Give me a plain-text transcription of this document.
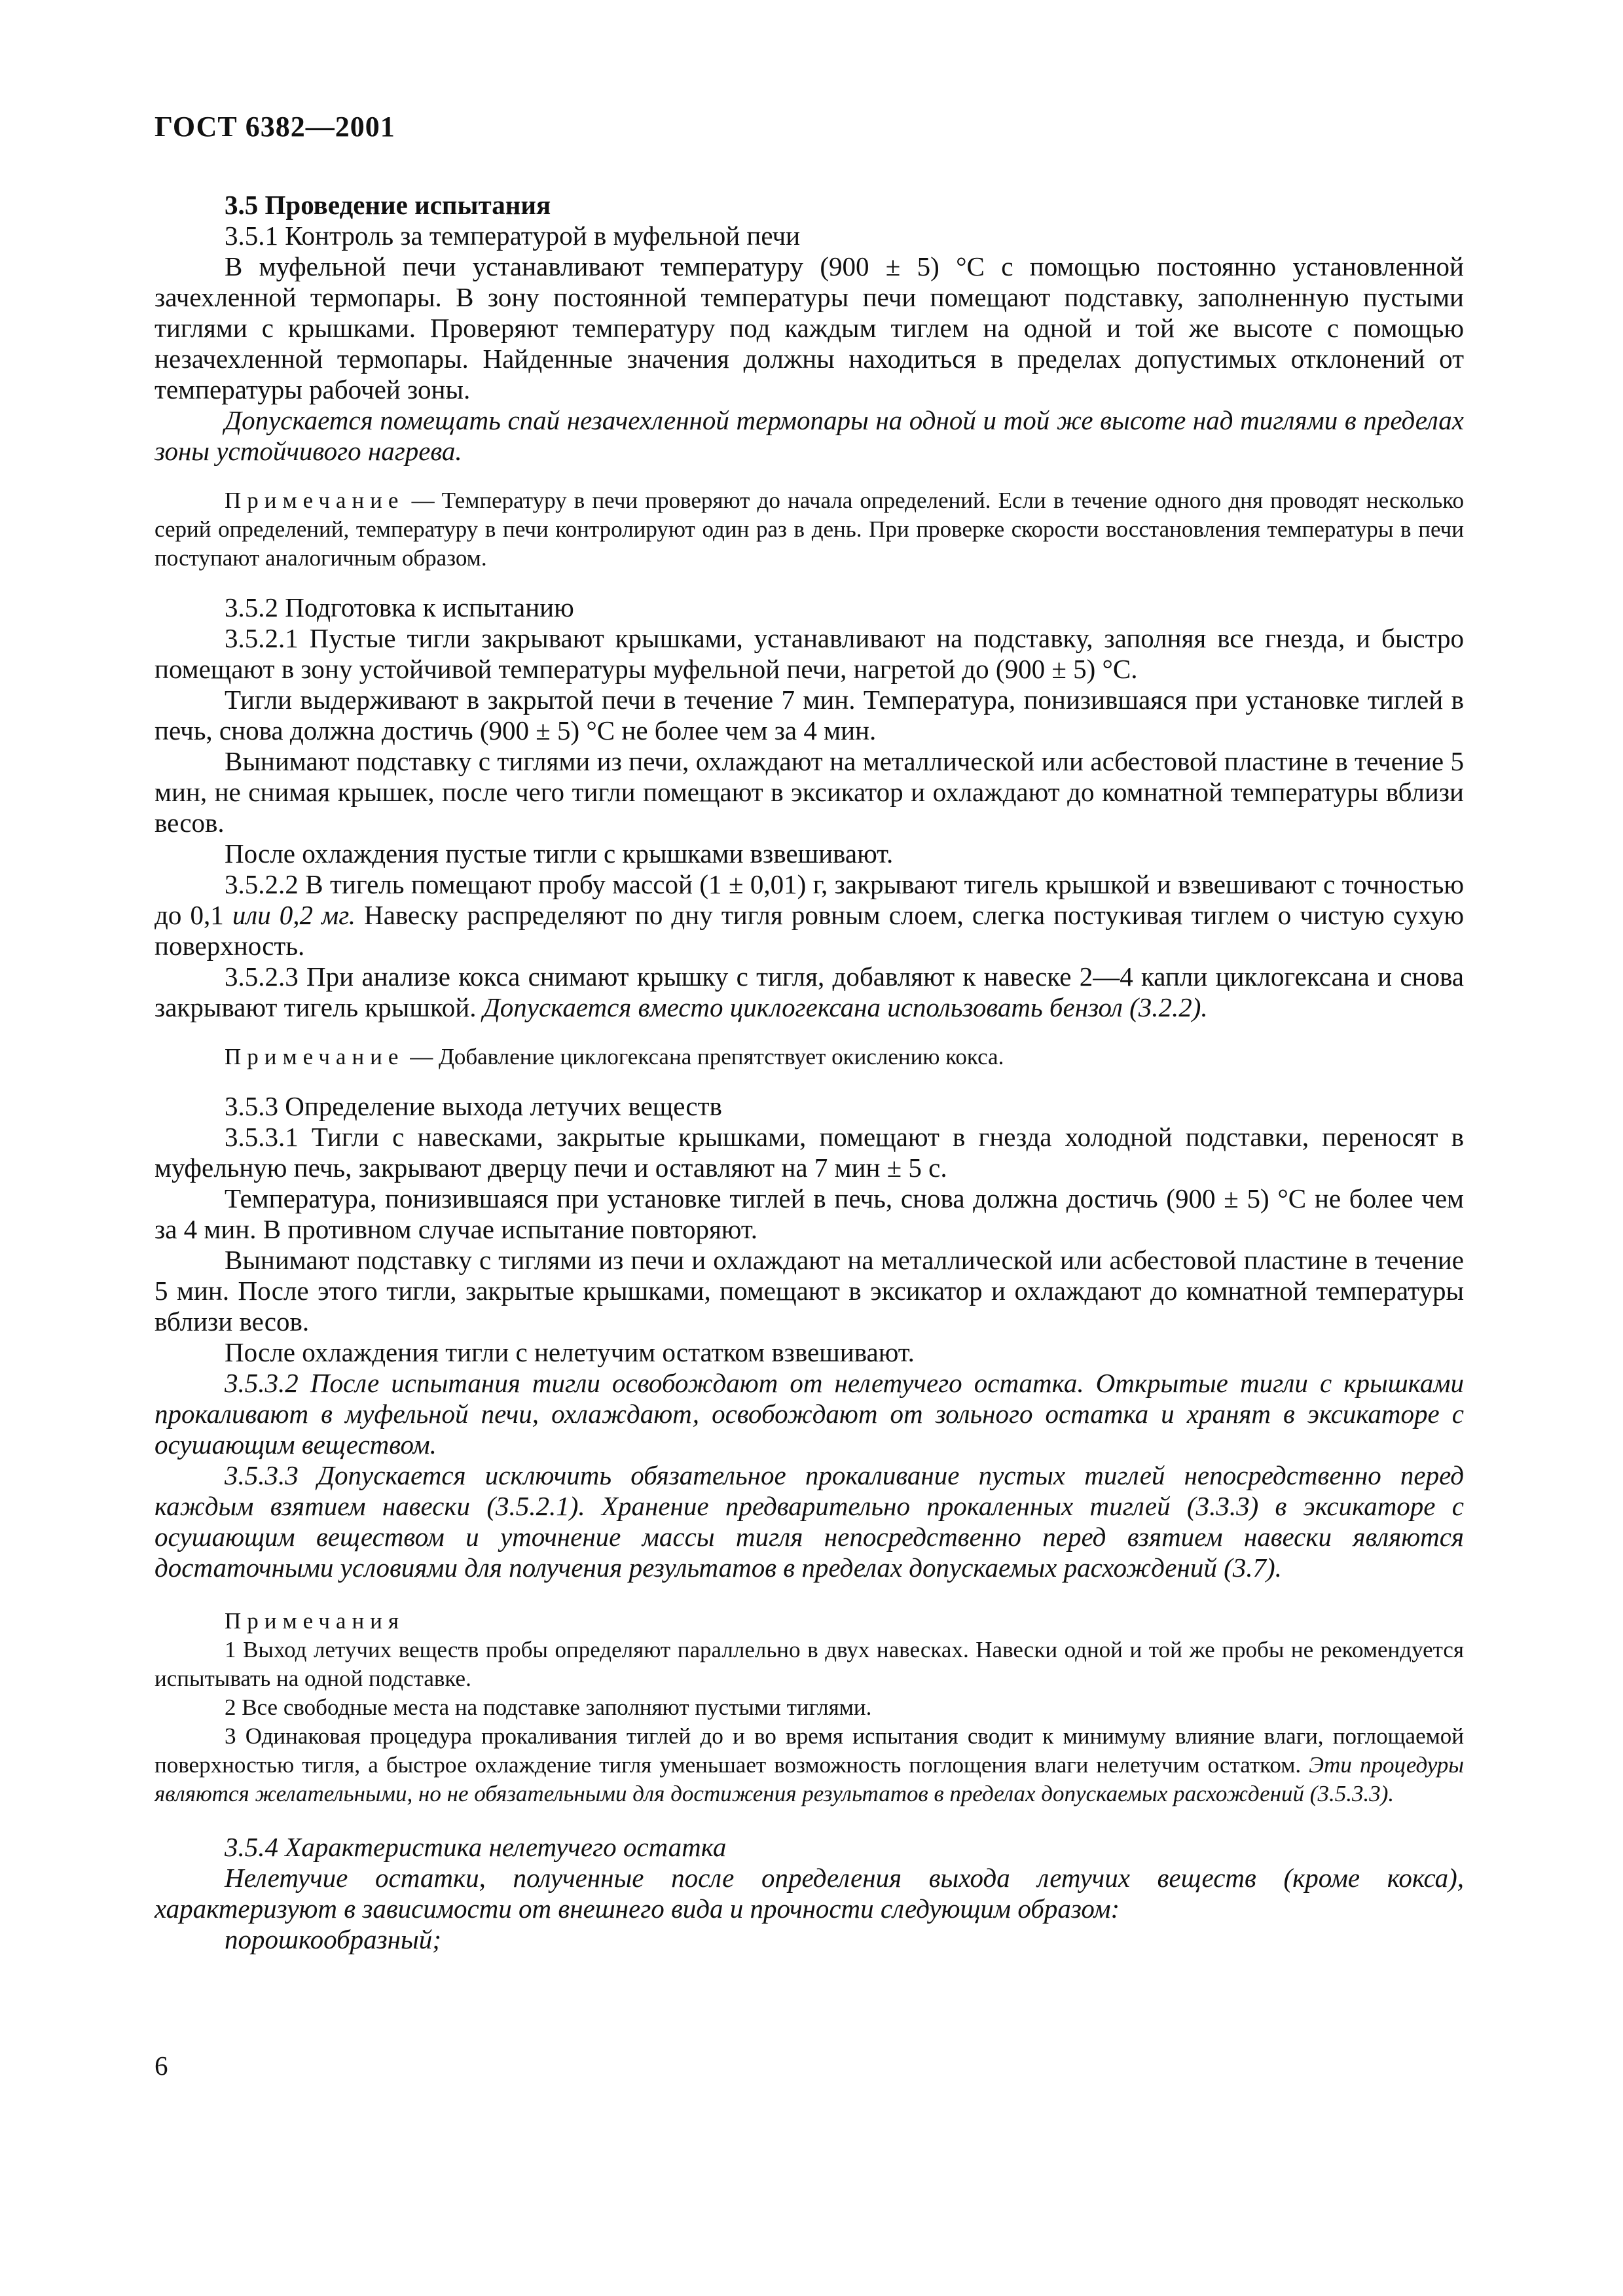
ГОСТ 6382—2001

3.5 Проведение испытания

3.5.1 Контроль за температурой в муфельной печи

В муфельной печи устанавливают температуру (900 ± 5) °С с помощью постоянно установленной зачехленной термопары. В зону постоянной температуры печи помещают подставку, заполненную пустыми тиглями с крышками. Проверяют температуру под каждым тиглем на одной и той же высоте с помощью незачехленной термопары. Найденные значения должны находиться в пределах допустимых отклонений от температуры рабочей зоны.

Допускается помещать спай незачехленной термопары на одной и той же высоте над тиглями в пределах зоны устойчивого нагрева.

Примечание — Температуру в печи проверяют до начала определений. Если в течение одного дня проводят несколько серий определений, температуру в печи контролируют один раз в день. При проверке скорости восстановления температуры в печи поступают аналогичным образом.

3.5.2 Подготовка к испытанию

3.5.2.1 Пустые тигли закрывают крышками, устанавливают на подставку, заполняя все гнезда, и быстро помещают в зону устойчивой температуры муфельной печи, нагретой до (900 ± 5) °С.

Тигли выдерживают в закрытой печи в течение 7 мин. Температура, понизившаяся при установке тиглей в печь, снова должна достичь (900 ± 5) °С не более чем за 4 мин.

Вынимают подставку с тиглями из печи, охлаждают на металлической или асбестовой пластине в течение 5 мин, не снимая крышек, после чего тигли помещают в эксикатор и охлаждают до комнатной температуры вблизи весов.

После охлаждения пустые тигли с крышками взвешивают.

3.5.2.2 В тигель помещают пробу массой (1 ± 0,01) г, закрывают тигель крышкой и взвешивают с точностью до 0,1 или 0,2 мг. Навеску распределяют по дну тигля ровным слоем, слегка постукивая тиглем о чистую сухую поверхность.

3.5.2.3 При анализе кокса снимают крышку с тигля, добавляют к навеске 2—4 капли циклогексана и снова закрывают тигель крышкой. Допускается вместо циклогексана использовать бензол (3.2.2).

Примечание — Добавление циклогексана препятствует окислению кокса.

3.5.3 Определение выхода летучих веществ

3.5.3.1 Тигли с навесками, закрытые крышками, помещают в гнезда холодной подставки, переносят в муфельную печь, закрывают дверцу печи и оставляют на 7 мин ± 5 с.

Температура, понизившаяся при установке тиглей в печь, снова должна достичь (900 ± 5) °С не более чем за 4 мин. В противном случае испытание повторяют.

Вынимают подставку с тиглями из печи и охлаждают на металлической или асбестовой пластине в течение 5 мин. После этого тигли, закрытые крышками, помещают в эксикатор и охлаждают до комнатной температуры вблизи весов.

После охлаждения тигли с нелетучим остатком взвешивают.

3.5.3.2 После испытания тигли освобождают от нелетучего остатка. Открытые тигли с крышками прокаливают в муфельной печи, охлаждают, освобождают от зольного остатка и хранят в эксикаторе с осушающим веществом.

3.5.3.3 Допускается исключить обязательное прокаливание пустых тиглей непосредственно перед каждым взятием навески (3.5.2.1). Хранение предварительно прокаленных тиглей (3.3.3) в эксикаторе с осушающим веществом и уточнение массы тигля непосредственно перед взятием навески являются достаточными условиями для получения результатов в пределах допускаемых расхождений (3.7).

Примечания

1 Выход летучих веществ пробы определяют параллельно в двух навесках. Навески одной и той же пробы не рекомендуется испытывать на одной подставке.

2 Все свободные места на подставке заполняют пустыми тиглями.

3 Одинаковая процедура прокаливания тиглей до и во время испытания сводит к минимуму влияние влаги, поглощаемой поверхностью тигля, а быстрое охлаждение тигля уменьшает возможность поглощения влаги нелетучим остатком. Эти процедуры являются желательными, но не обязательными для достижения результатов в пределах допускаемых расхождений (3.5.3.3).

3.5.4 Характеристика нелетучего остатка

Нелетучие остатки, полученные после определения выхода летучих веществ (кроме кокса), характеризуют в зависимости от внешнего вида и прочности следующим образом:

порошкообразный;

6
